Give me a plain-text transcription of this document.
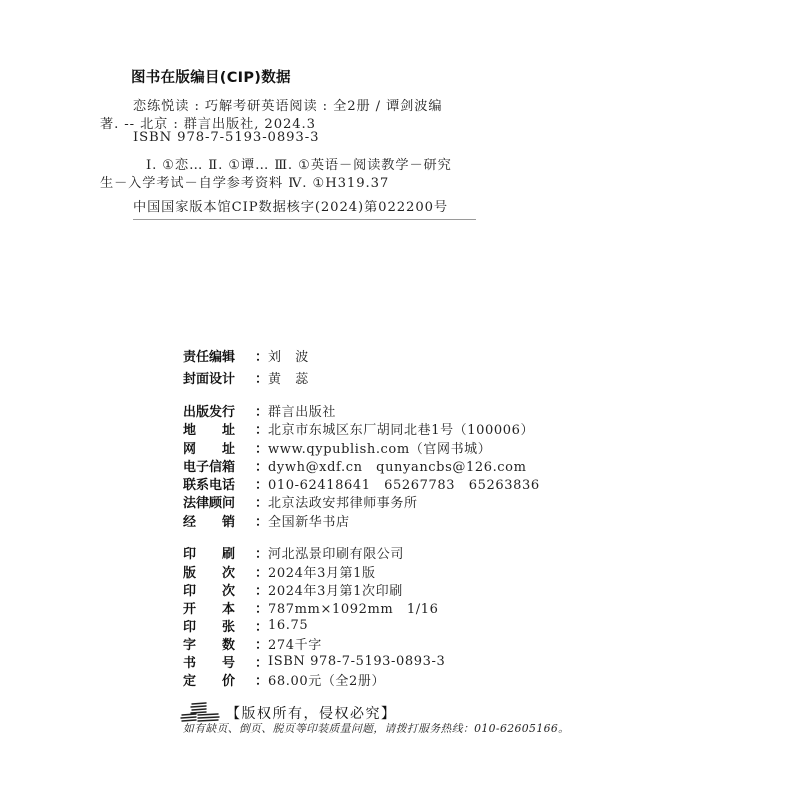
图书在版编目(CIP)数据
恋练悦读 : 巧解考研英语阅读 : 全2册 / 谭剑波编
著. -- 北京 : 群言出版社, 2024.3
ISBN 978-7-5193-0893-3
Ⅰ. ①恋… Ⅱ. ①谭… Ⅲ. ①英语－阅读教学－研究
生－入学考试－自学参考资料 Ⅳ. ①H319.37
中国国家版本馆CIP数据核字(2024)第022200号
责任编辑	： 刘　波
封面设计	： 黄　蕊
出版发行	： 群言出版社
地　　址	： 北京市东城区东厂胡同北巷1号（100006）
网　　址	： www.qypublish.com（官网书城）
电子信箱	： dywh@xdf.cn　qunyancbs@126.com
联系电话	： 010-62418641　65267783　65263836
法律顾问	： 北京法政安邦律师事务所
经　　销	： 全国新华书店
印　　刷	： 河北泓景印刷有限公司
版　　次	： 2024年3月第1版
印　　次	： 2024年3月第1次印刷
开　　本	： 787mm×1092mm　1/16
印　　张	： 16.75
字　　数	： 274千字
书　　号	： ISBN 978-7-5193-0893-3
定　　价	： 68.00元（全2册）
【版权所有，侵权必究】
如有缺页、倒页、脱页等印装质量问题，请拨打服务热线：010-62605166。
